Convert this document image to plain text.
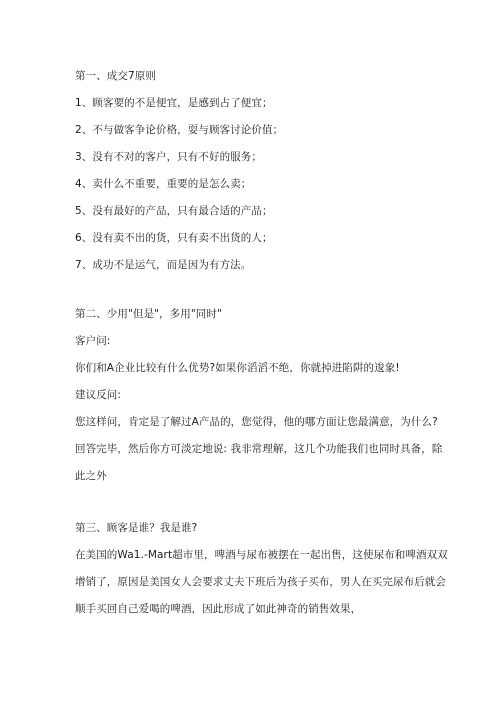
第一、成交7原则
1、顾客要的不是便宜，是感到占了便宜；
2、不与做客争论价格，耍与顾客讨论价值；
3、没有不对的客户，只有不好的服务；
4、卖什么不重要，重要的是怎么卖；
5、没有最好的产品，只有最合适的产品；
6、没有卖不出的货，只有卖不出货的人；
7、成功不是运气，而是因为有方法。
第二、少用"但是"，多用"同时"
客户问:
你们和A企业比较有什么优势?如果你滔滔不绝，你就掉进陷阱的逡象!
建议反问:
您这样问，肯定是了解过A产品的，您觉得，他的哪方面让您最满意，为什么?
回答完毕，然后你方可淡定地说: 我非常理解，这几个功能我们也同时具备，除
此之外
第三、顾客是谁？我是谁?
在美国的Wa1.-Mart超市里，啤酒与尿布被摆在一起出售，这使尿布和啤酒双双
增销了，原因是美国女人会要求丈夫下班后为孩子买布，男人在买完尿布后就会
顺手买回自己爱喝的啤酒，因此形成了如此神奇的销售效果，
